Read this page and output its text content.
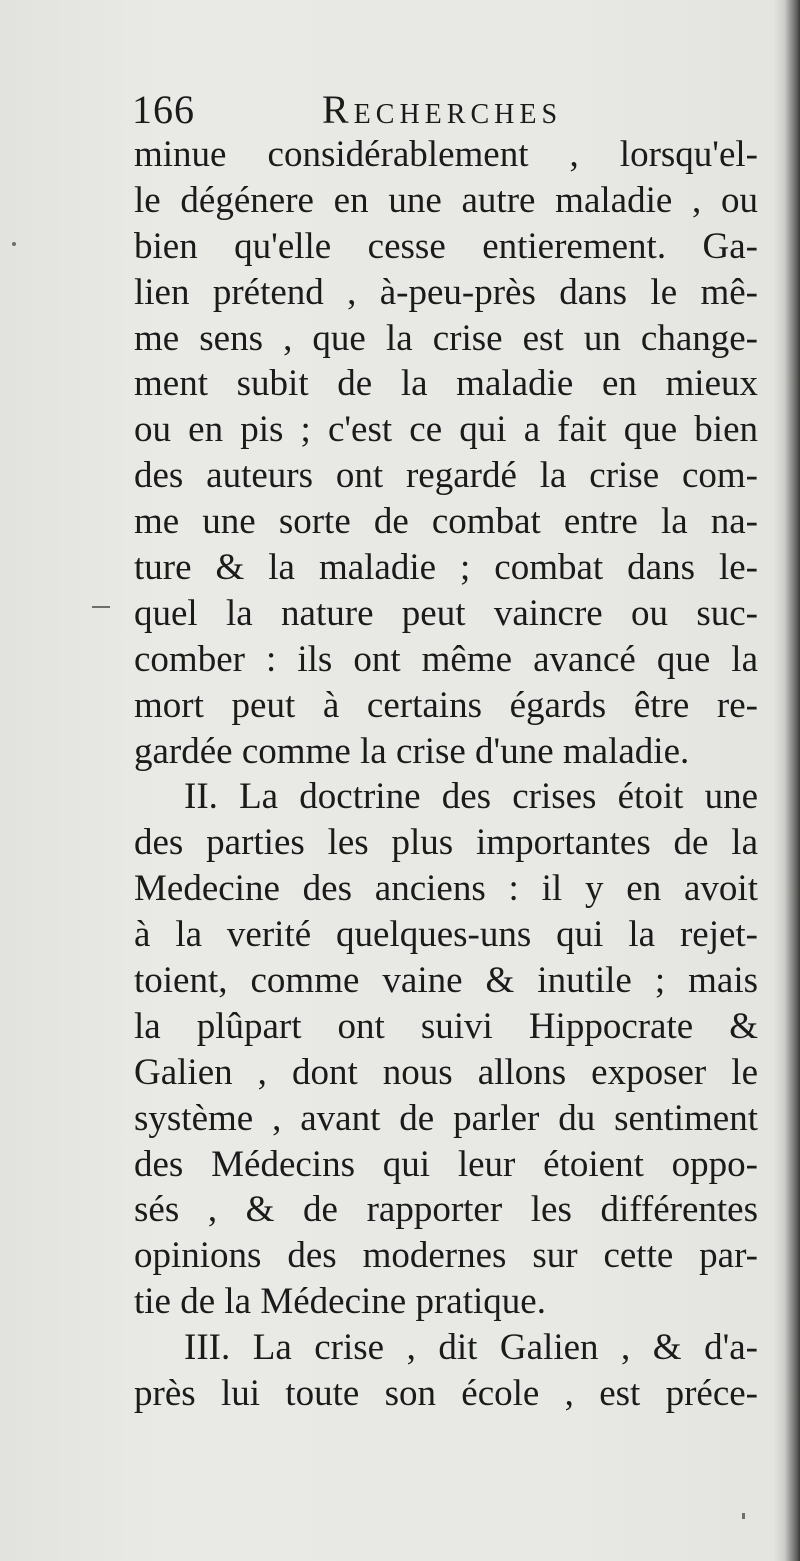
166	Recherches
minue considérablement , lorsqu'el-
le dégénere en une autre maladie , ou
bien qu'elle cesse entierement. Ga-
lien prétend , à-peu-près dans le mê-
me sens , que la crise est un change-
ment subit de la maladie en mieux
ou en pis ; c'est ce qui a fait que bien
des auteurs ont regardé la crise com-
me une sorte de combat entre la na-
ture & la maladie ; combat dans le-
quel la nature peut vaincre ou suc-
comber : ils ont même avancé que la
mort peut à certains égards être re-
gardée comme la crise d'une maladie.
II. La doctrine des crises étoit une
des parties les plus importantes de la
Medecine des anciens : il y en avoit
à la verité quelques-uns qui la rejet-
toient, comme vaine & inutile ; mais
la plûpart ont suivi Hippocrate &
Galien , dont nous allons exposer le
système , avant de parler du sentiment
des Médecins qui leur étoient oppo-
sés , & de rapporter les différentes
opinions des modernes sur cette par-
tie de la Médecine pratique.
III. La crise , dit Galien , & d'a-
près lui toute son école , est préce-
